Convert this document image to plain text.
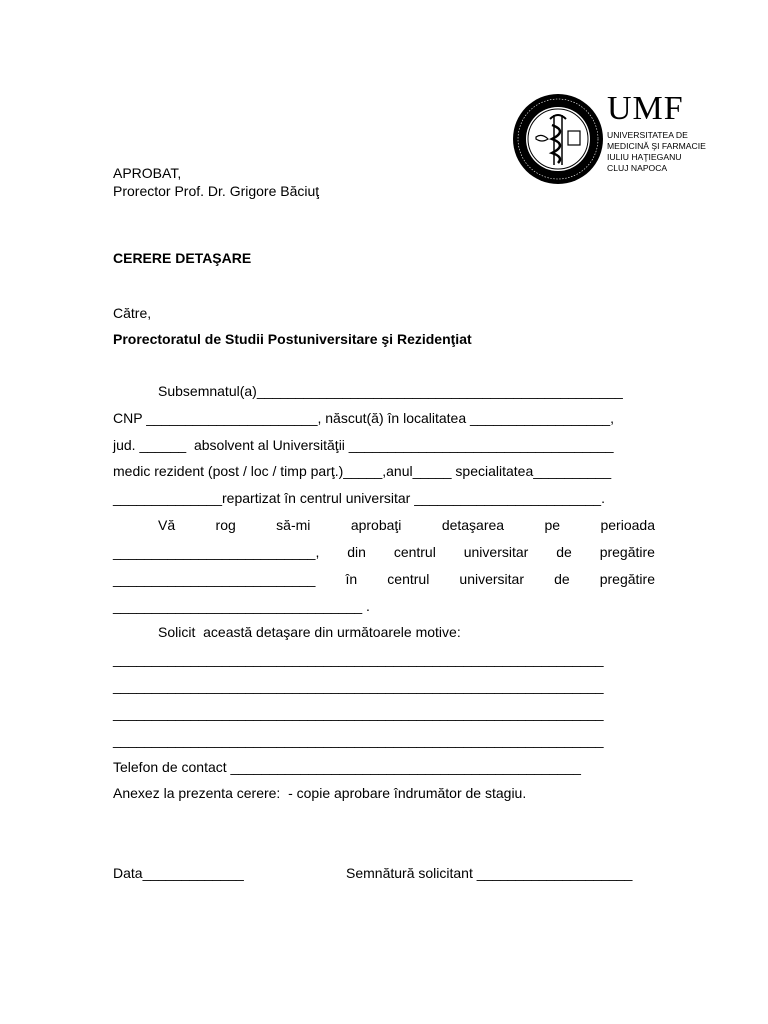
UMF
UNIVERSITATEA DE
MEDICINĂ ŞI FARMACIE
IULIU HAŢIEGANU
CLUJ NAPOCA
APROBAT,
Prorector Prof. Dr. Grigore Băciuţ
CERERE DETAŞARE
Către,
Prorectoratul de Studii Postuniversitare şi Rezidenţiat
Subsemnatul(a)_______________________________________________
CNP ______________________, născut(ă) în localitatea __________________,
jud. ______  absolvent al Universităţii __________________________________
medic rezident (post / loc / timp parţ.)_____,anul_____ specialitatea__________
______________repartizat în centrul universitar ________________________.
Vă	rog	să-mi	aprobaţi	detaşarea	pe	perioada
__________________________, din centrul universitar de pregătire
__________________________ în centrul universitar de pregătire
________________________________ .
Solicit  această detaşare din următoarele motive:
_______________________________________________________________
_______________________________________________________________
_______________________________________________________________
_______________________________________________________________
Telefon de contact _____________________________________________
Anexez la prezenta cerere:  - copie aprobare îndrumător de stagiu.
Data_____________	Semnătură solicitant ____________________
